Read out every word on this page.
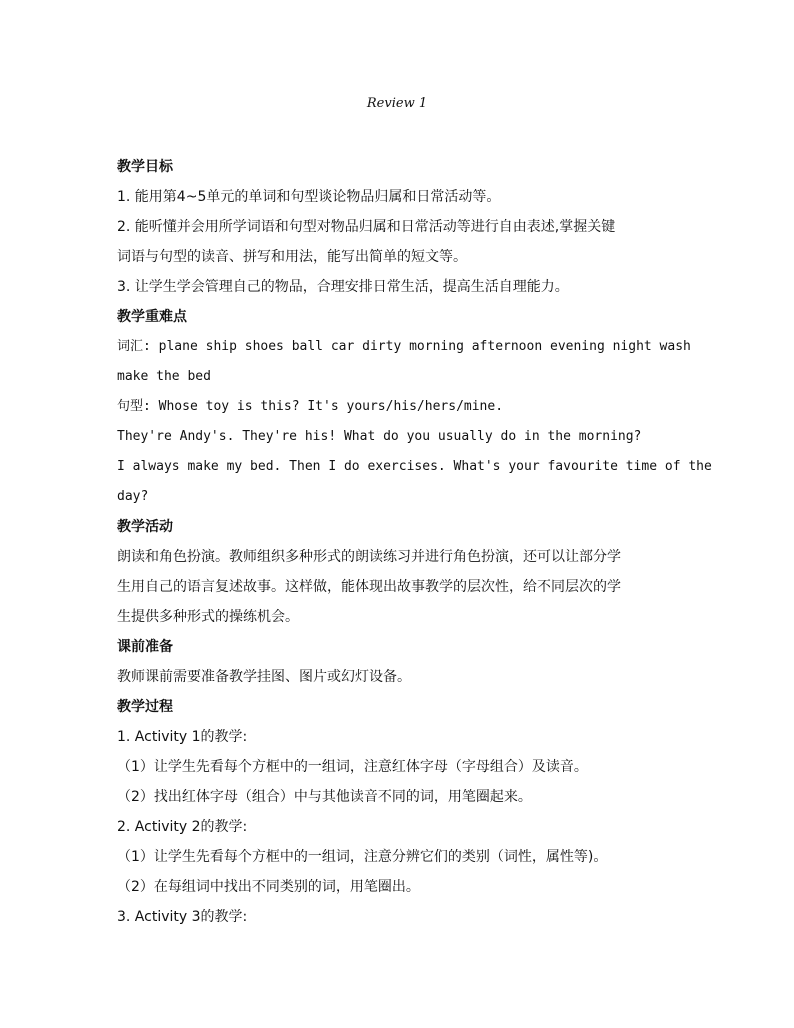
Review 1
教学目标
1. 能用第4~5单元的单词和句型谈论物品归属和日常活动等。
2. 能听懂并会用所学词语和句型对物品归属和日常活动等进行自由表述,掌握关键
词语与句型的读音、拼写和用法，能写出简单的短文等。
3. 让学生学会管理自己的物品，合理安排日常生活，提高生活自理能力。
教学重难点
词汇: plane ship shoes ball car dirty morning afternoon evening night wash
make the bed
句型: Whose toy is this? It's yours/his/hers/mine.
They're Andy's. They're his! What do you usually do in the morning?
I always make my bed. Then I do exercises. What's your favourite time of the
day?
教学活动
朗读和角色扮演。教师组织多种形式的朗读练习并进行角色扮演，还可以让部分学
生用自己的语言复述故事。这样做，能体现出故事教学的层次性，给不同层次的学
生提供多种形式的操练机会。
课前准备
教师课前需要准备教学挂图、图片或幻灯设备。
教学过程
1. Activity 1的教学:
（1）让学生先看每个方框中的一组词，注意红体字母（字母组合）及读音。
（2）找出红体字母（组合）中与其他读音不同的词，用笔圈起来。
2. Activity 2的教学:
（1）让学生先看每个方框中的一组词，注意分辨它们的类别（词性，属性等)。
（2）在每组词中找出不同类别的词，用笔圈出。
3. Activity 3的教学:
